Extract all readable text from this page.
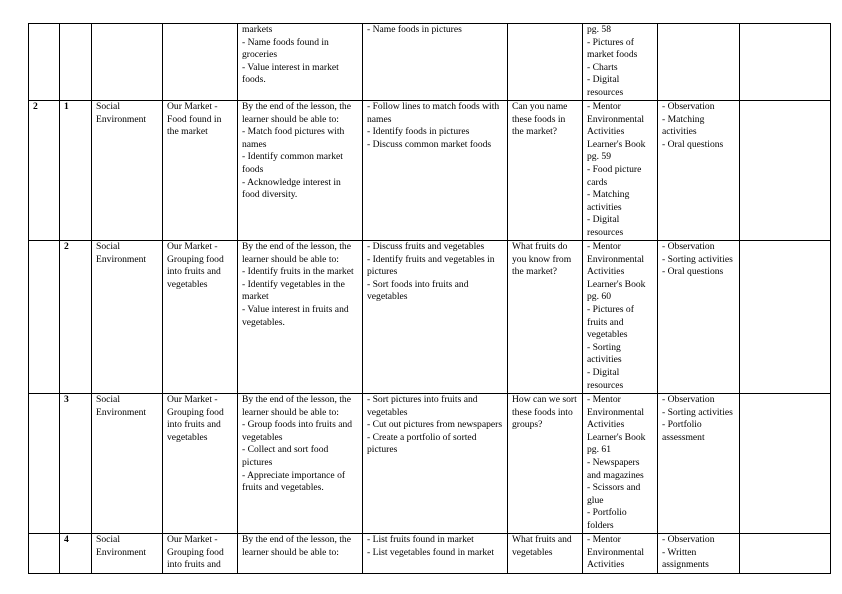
				markets
- Name foods found in groceries
- Value interest in market foods.	- Name foods in pictures		pg. 58
- Pictures of market foods
- Charts
- Digital resources		

2	1	Social Environment	Our Market - Food found in the market	By the end of the lesson, the learner should be able to:
- Match food pictures with names
- Identify common market foods
- Acknowledge interest in food diversity.	- Follow lines to match foods with names
- Identify foods in pictures
- Discuss common market foods	Can you name these foods in the market?	- Mentor Environmental Activities Learner's Book pg. 59
- Food picture cards
- Matching activities
- Digital resources	- Observation
- Matching activities
- Oral questions	

	2	Social Environment	Our Market - Grouping food into fruits and vegetables	By the end of the lesson, the learner should be able to:
- Identify fruits in the market
- Identify vegetables in the market
- Value interest in fruits and vegetables.	- Discuss fruits and vegetables
- Identify fruits and vegetables in pictures
- Sort foods into fruits and vegetables	What fruits do you know from the market?	- Mentor Environmental Activities Learner's Book pg. 60
- Pictures of fruits and vegetables
- Sorting activities
- Digital resources	- Observation
- Sorting activities
- Oral questions	

	3	Social Environment	Our Market - Grouping food into fruits and vegetables	By the end of the lesson, the learner should be able to:
- Group foods into fruits and vegetables
- Collect and sort food pictures
- Appreciate importance of fruits and vegetables.	- Sort pictures into fruits and vegetables
- Cut out pictures from newspapers
- Create a portfolio of sorted pictures	How can we sort these foods into groups?	- Mentor Environmental Activities Learner's Book pg. 61
- Newspapers and magazines
- Scissors and glue
- Portfolio folders	- Observation
- Sorting activities
- Portfolio assessment	

	4	Social Environment	Our Market - Grouping food into fruits and	By the end of the lesson, the learner should be able to:	- List fruits found in market
- List vegetables found in market	What fruits and vegetables	- Mentor Environmental Activities	- Observation
- Written assignments	
